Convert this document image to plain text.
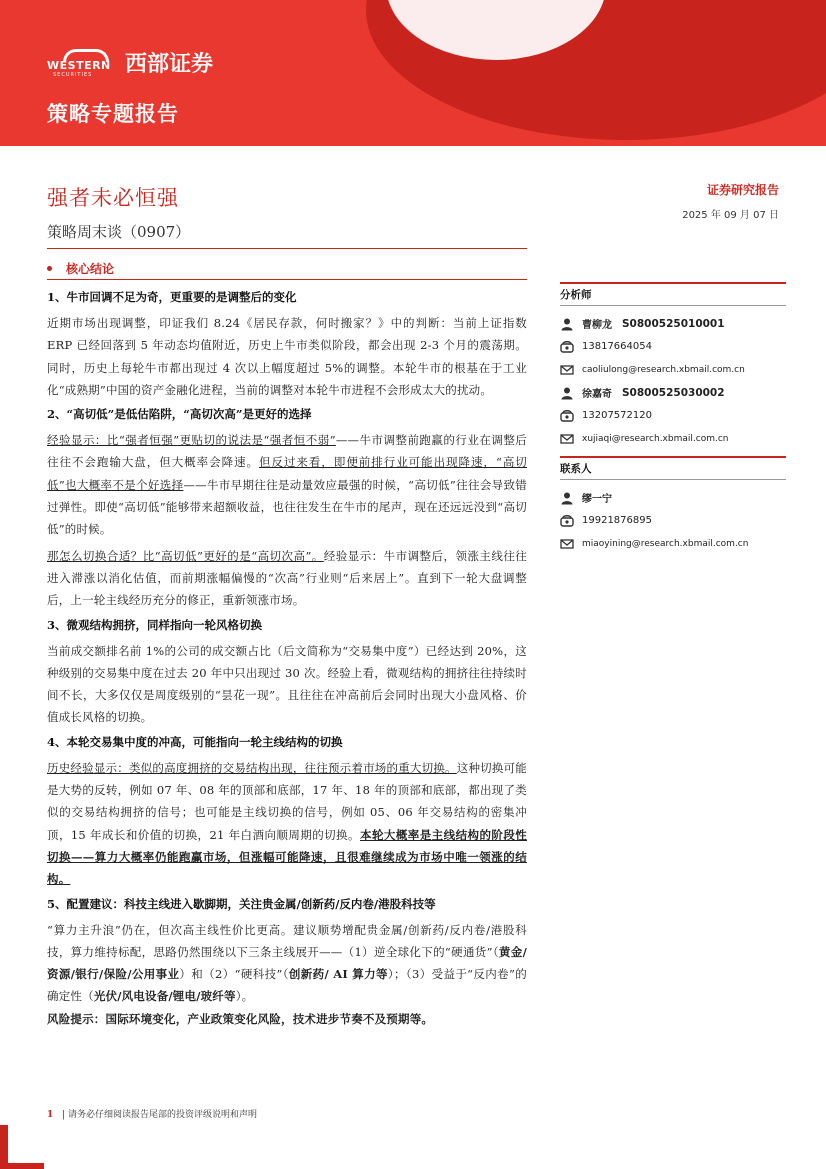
WESTERN
SECURITIES 西部证券
策略专题报告
强者未必恒强
策略周末谈（0907）
证券研究报告
2025 年 09 月 07 日
核心结论
1、牛市回调不足为奇，更重要的是调整后的变化
近期市场出现调整，印证我们 8.24《居民存款，何时搬家？》中的判断：当前上证指数 ERP 已经回落到 5 年动态均值附近，历史上牛市类似阶段，都会出现 2-3 个月的震荡期。同时，历史上每轮牛市都出现过 4 次以上幅度超过 5%的调整。本轮牛市的根基在于工业化“成熟期”中国的资产金融化进程，当前的调整对本轮牛市进程不会形成太大的扰动。
2、“高切低”是低估陷阱，“高切次高”是更好的选择
经验显示：比“强者恒强”更贴切的说法是“强者恒不弱”——牛市调整前跑赢的行业在调整后往往不会跑输大盘，但大概率会降速。但反过来看，即便前排行业可能出现降速，“高切低”也大概率不是个好选择——牛市早期往往是动量效应最强的时候，“高切低”往往会导致错过弹性。即使“高切低”能够带来超额收益，也往往发生在牛市的尾声，现在还远远没到“高切低”的时候。
那怎么切换合适？比“高切低”更好的是“高切次高”。经验显示：牛市调整后，领涨主线往往进入滞涨以消化估值，而前期涨幅偏慢的“次高”行业则“后来居上”。直到下一轮大盘调整后，上一轮主线经历充分的修正，重新领涨市场。
3、微观结构拥挤，同样指向一轮风格切换
当前成交额排名前 1%的公司的成交额占比（后文简称为“交易集中度”）已经达到 20%，这种级别的交易集中度在过去 20 年中只出现过 30 次。经验上看，微观结构的拥挤往往持续时间不长，大多仅仅是周度级别的“昙花一现”。且往往在冲高前后会同时出现大小盘风格、价值成长风格的切换。
4、本轮交易集中度的冲高，可能指向一轮主线结构的切换
历史经验显示：类似的高度拥挤的交易结构出现，往往预示着市场的重大切换。这种切换可能是大势的反转，例如 07 年、08 年的顶部和底部，17 年、18 年的顶部和底部，都出现了类似的交易结构拥挤的信号；也可能是主线切换的信号，例如 05、06 年交易结构的密集冲顶，15 年成长和价值的切换，21 年白酒向顺周期的切换。本轮大概率是主线结构的阶段性切换——算力大概率仍能跑赢市场，但涨幅可能降速，且很难继续成为市场中唯一领涨的结构。
5、配置建议：科技主线进入歇脚期，关注贵金属/创新药/反内卷/港股科技等
“算力主升浪”仍在，但次高主线性价比更高。建议顺势增配贵金属/创新药/反内卷/港股科技，算力维持标配，思路仍然围绕以下三条主线展开——（1）逆全球化下的“硬通货”（黄金/资源/银行/保险/公用事业）和（2）“硬科技”（创新药/ AI 算力等）；（3）受益于“反内卷”的确定性（光伏/风电设备/锂电/玻纤等）。
风险提示：国际环境变化，产业政策变化风险，技术进步节奏不及预期等。
分析师
曹柳龙 S0800525010001
13817664054
caoliulong@research.xbmail.com.cn
徐嘉奇 S0800525030002
13207572120
xujiaqi@research.xbmail.com.cn
联系人
缪一宁
19921876895
miaoyining@research.xbmail.com.cn
1 | 请务必仔细阅读报告尾部的投资评级说明和声明
